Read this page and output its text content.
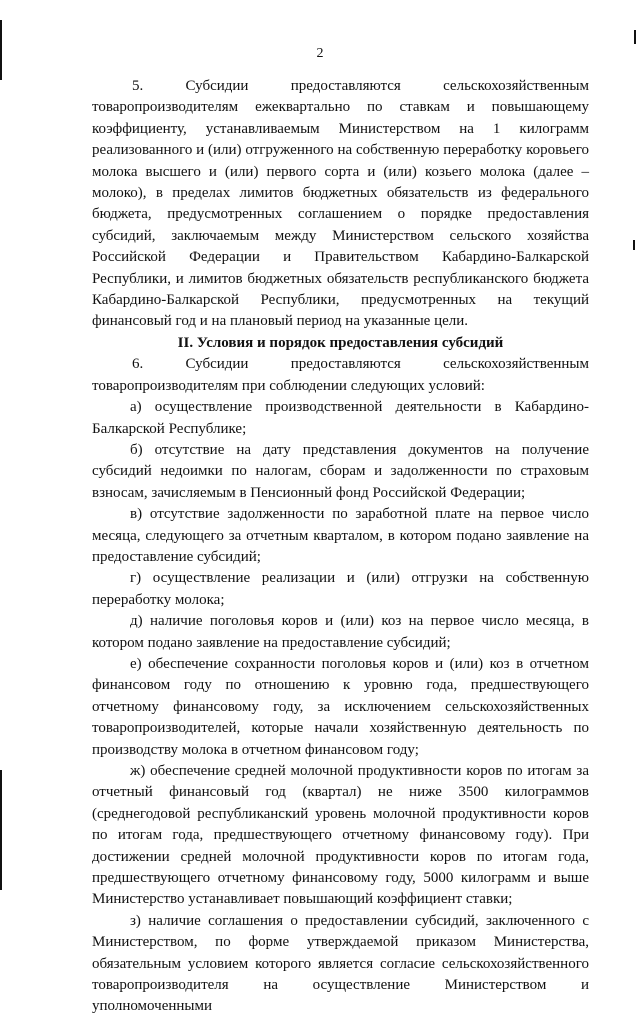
2

5. Субсидии предоставляются сельскохозяйственным товаропроизводителям ежеквартально по ставкам и повышающему коэффициенту, устанавливаемым Министерством на 1 килограмм реализованного и (или) отгруженного на собственную переработку коровьего молока высшего и (или) первого сорта и (или) козьего молока (далее – молоко), в пределах лимитов бюджетных обязательств из федерального бюджета, предусмотренных соглашением о порядке предоставления субсидий, заключаемым между Министерством сельского хозяйства Российской Федерации и Правительством Кабардино-Балкарской Республики, и лимитов бюджетных обязательств республиканского бюджета Кабардино-Балкарской Республики, предусмотренных на текущий финансовый год и на плановый период на указанные цели.

II. Условия и порядок предоставления субсидий

6. Субсидии предоставляются сельскохозяйственным товаропроизводителям при соблюдении следующих условий:

а) осуществление производственной деятельности в Кабардино-Балкарской Республике;

б) отсутствие на дату представления документов на получение субсидий недоимки по налогам, сборам и задолженности по страховым взносам, зачисляемым в Пенсионный фонд Российской Федерации;

в) отсутствие задолженности по заработной плате на первое число месяца, следующего за отчетным кварталом, в котором подано заявление на предоставление субсидий;

г) осуществление реализации и (или) отгрузки на собственную переработку молока;

д) наличие поголовья коров и (или) коз на первое число месяца, в котором подано заявление на предоставление субсидий;

е) обеспечение сохранности поголовья коров и (или) коз в отчетном финансовом году по отношению к уровню года, предшествующего отчетному финансовому году, за исключением сельскохозяйственных товаропроизводителей, которые начали хозяйственную деятельность по производству молока в отчетном финансовом году;

ж) обеспечение средней молочной продуктивности коров по итогам за отчетный финансовый год (квартал) не ниже 3500 килограммов (среднегодовой республиканский уровень молочной продуктивности коров по итогам года, предшествующего отчетному финансовому году). При достижении средней молочной продуктивности коров по итогам года, предшествующего отчетному финансовому году, 5000 килограмм и выше Министерство устанавливает повышающий коэффициент ставки;

з) наличие соглашения о предоставлении субсидий, заключенного с Министерством, по форме утверждаемой приказом Министерства, обязательным условием которого является согласие сельскохозяйственного товаропроизводителя на осуществление Министерством и уполномоченными
